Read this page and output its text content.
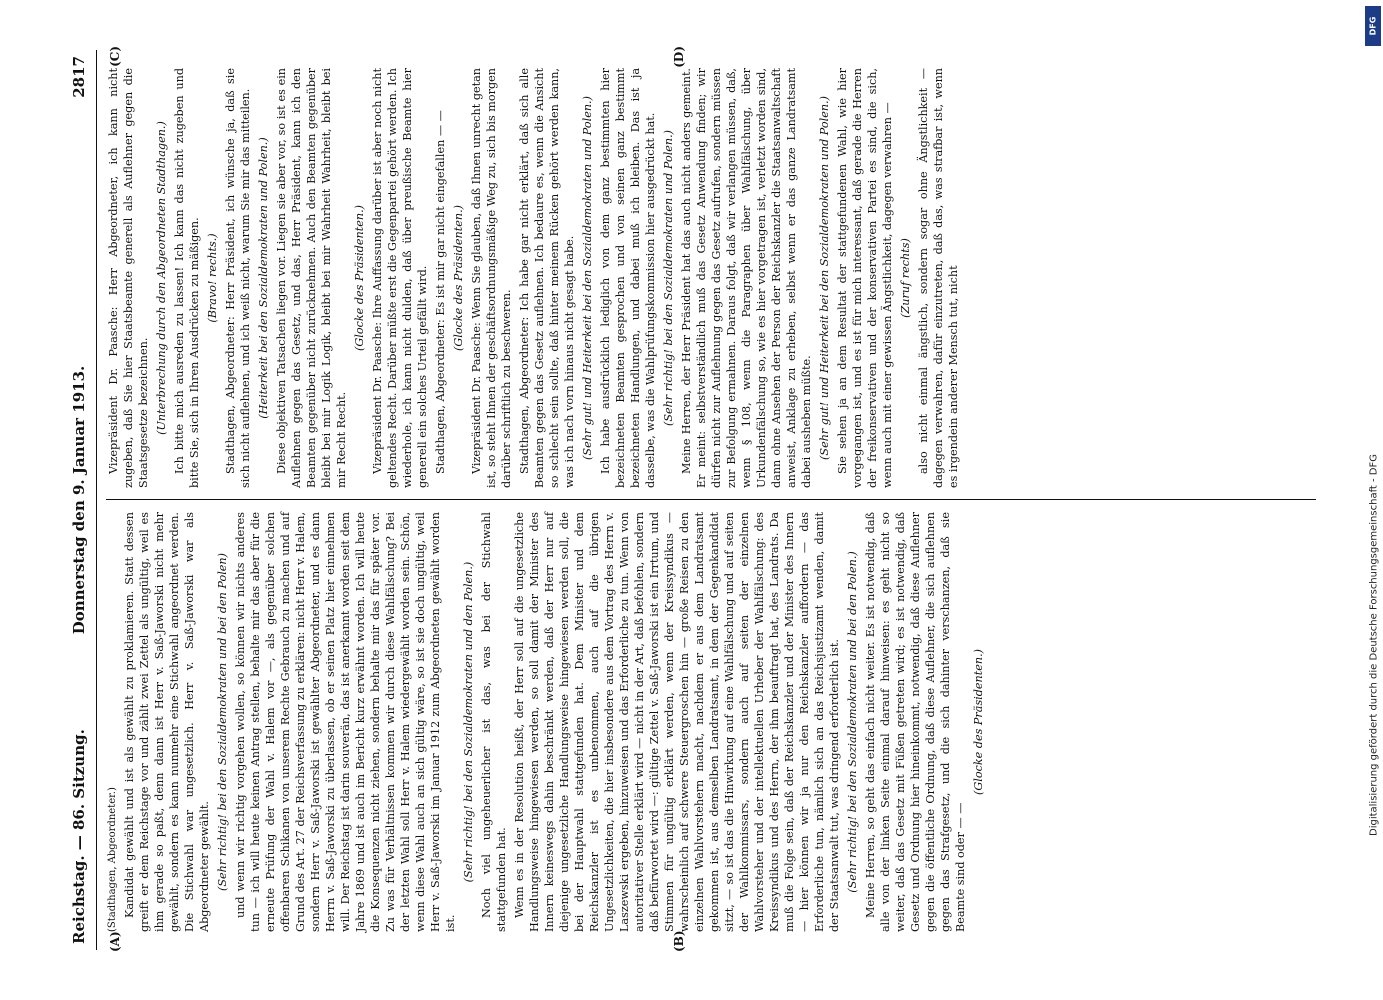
Reichstag. — 86. Sitzung.
Donnerstag den 9. Januar 1913.
2817
(A)	(B)
(C)	(D)

(Stadthagen, Abgeordneter.) Kandidat gewählt und ist als gewählt zu proklamieren. Statt dessen greift er dem Reichstage vor und zählt zwei Zettel als ungültig, weil es ihm gerade so paßt, denn dann ist Herr v. Saß-Jaworski nicht mehr gewählt, sondern es kann nunmehr eine Stichwahl angeordnet werden. Die Stichwahl war ungesetzlich. Herr v. Saß-Jaworski war als Abgeordneter gewählt. (Sehr richtig! bei den Sozialdemokraten und bei den Polen) und wenn wir richtig vorgehen wollen, so können wir nichts anderes tun — ich will heute keinen Antrag stellen, behalte mir das aber für die erneute Prüfung der Wahl v. Halem vor —, als gegenüber solchen offenbaren Schikanen von unserem Rechte Gebrauch zu machen und auf Grund des Art. 27 der Reichsverfassung zu erklären: nicht Herr v. Halem, sondern Herr v. Saß-Jaworski ist gewählter Abgeordneter, und es dann Herrn v. Saß-Jaworski zu überlassen, ob er seinen Platz hier einnehmen will. Der Reichstag ist darin souverän, das ist anerkannt worden seit dem Jahre 1869 und ist auch im Bericht kurz erwähnt worden. Ich will heute die Konsequenzen nicht ziehen, sondern behalte mir das für später vor. Zu was für Verhältnissen kommen wir durch diese Wahlfälschung? Bei der letzten Wahl soll Herr v. Halem wiedergewählt worden sein. Schön, wenn diese Wahl auch an sich gültig wäre, so ist sie doch ungültig, weil Herr v. Saß-Jaworski im Januar 1912 zum Abgeordneten gewählt worden ist.

(Sehr richtig! bei den Sozialdemokraten und den Polen.) Noch viel ungeheuerlicher ist das, was bei der Stichwahl stattgefunden hat. Wenn es in der Resolution heißt, der Herr soll auf die ungesetzliche Handlungsweise hingewiesen werden, so soll damit der Minister des Innern keineswegs dahin beschränkt werden, daß der Herr nur auf diejenige ungesetzliche Handlungsweise hingewiesen werden soll, die bei der Hauptwahl stattgefunden hat. Dem Minister und dem Reichskanzler ist es unbenommen, auch auf die übrigen Ungesetzlichkeiten, die hier insbesondere aus dem Vortrag des Herrn v. Laszewski ergeben, hinzuweisen und das Erforderliche zu tun. Wenn von autoritativer Stelle erklärt wird — nicht in der Art, daß befohlen, sondern daß befürwortet wird —: gültige Zettel v. Saß-Jaworski ist ein Irrtum, und Stimmen für ungültig erklärt werden, wenn der Kreissyndikus — wahrscheinlich auf schwere Steuergroschen hin — große Reisen zu den einzelnen Wahlvorstehern macht, nachdem er aus dem Landratsamt gekommen ist, aus demselben Landratsamt, in dem der Gegenkandidat sitzt, — so ist das die Hinwirkung auf eine Wahlfälschung und auf seiten der Wahlkommissars, sondern auch auf seiten der einzelnen Wahlvorsteher und der intellektuellen Urheber der Wahlfälschung: des Kreissyndikus und des Herrn, der ihm beauftragt hat, des Landrats. Da muß die Folge sein, daß der Reichskanzler und der Minister des Innern — hier können wir ja nur den Reichskanzler auffordern — das Erforderliche tun, nämlich sich an das Reichsjustizamt wenden, damit der Staatsanwalt tut, was dringend erforderlich ist. (Sehr richtig! bei den Sozialdemokraten und bei den Polen.) Meine Herren, so geht das einfach nicht weiter. Es ist notwendig, daß alle von der linken Seite einmal darauf hinweisen: es geht nicht so weiter, daß das Gesetz mit Füßen getreten wird; es ist notwendig, daß Gesetz und Ordnung hier hineinkommt, notwendig, daß diese Auflehner gegen die öffentliche Ordnung, daß diese Auflehner, die sich auflehnen gegen das Strafgesetz, und die sich dahinter verschanzen, daß sie Beamte sind oder — —

(Glocke des Präsidenten.)

Vizepräsident Dr. Paasche: Herr Abgeordneter, ich kann nicht zugeben, daß Sie hier Staatsbeamte generell als Auflehner gegen die Staatsgesetze bezeichnen. (Unterbrechung durch den Abgeordneten Stadthagen.) Ich bitte mich ausreden zu lassen! Ich kann das nicht zugeben und bitte Sie, sich in Ihren Ausdrücken zu mäßigen. (Bravo! rechts.) Stadthagen, Abgeordneter: Herr Präsident, ich wünsche ja, daß sie sich nicht auflehnen, und ich weiß nicht, warum Sie mir das mitteilen. (Heiterkeit bei den Sozialdemokraten und Polen.) Diese objektiven Tatsachen liegen vor. Liegen sie aber vor, so ist es ein Auflehnen gegen das Gesetz, und das, Herr Präsident, kann ich den Beamten gegenüber nicht zurücknehmen. Auch den Beamten gegenüber bleibt bei mir Logik Logik, bleibt bei mir Wahrheit Wahrheit, bleibt bei mir Recht Recht.

(Glocke des Präsidenten.) Vizepräsident Dr. Paasche: Ihre Auffassung darüber ist aber noch nicht geltendes Recht. Darüber müßte erst die Gegenpartei gehört werden. Ich wiederhole, ich kann nicht dulden, daß über preußische Beamte hier generell ein solches Urteil gefällt wird. Stadthagen, Abgeordneter: Es ist mir gar nicht eingefallen — — (Glocke des Präsidenten.) Vizepräsident Dr. Paasche: Wenn Sie glauben, daß Ihnen unrecht getan ist, so steht Ihnen der geschäftsordnungsmäßige Weg zu, sich bis morgen darüber schriftlich zu beschweren. Stadthagen, Abgeordneter: Ich habe gar nicht erklärt, daß sich alle Beamten gegen das Gesetz auflehnen. Ich bedaure es, wenn die Ansicht so schlecht sein sollte, daß hinter meinem Rücken gehört werden kann, was ich nach vorn hinaus nicht gesagt habe. (Sehr gut! und Heiterkeit bei den Sozialdemokraten und Polen.) Ich habe ausdrücklich lediglich von dem ganz bestimmten hier bezeichneten Beamten gesprochen und von seinen ganz bestimmt bezeichneten Handlungen, und dabei muß ich bleiben. Das ist ja dasselbe, was die Wahlprüfungskommission hier ausgedrückt hat. (Sehr richtig! bei den Sozialdemokraten und Polen.) Meine Herren, der Herr Präsident hat das auch nicht anders gemeint. Er meint: selbstverständlich muß das Gesetz Anwendung finden; wir dürfen nicht zur Auflehnung gegen das Gesetz aufrufen, sondern müssen zur Befolgung ermahnen. Daraus folgt, daß wir verlangen müssen, daß, wenn § 108, wenn die Paragraphen über Wahlfälschung, über Urkundenfälschung so, wie es hier vorgetragen ist, verletzt worden sind, dann ohne Ansehen der Person der Reichskanzler die Staatsanwaltschaft anweist, Anklage zu erheben, selbst wenn er das ganze Landratsamt dabei ausheben müßte. (Sehr gut! und Heiterkeit bei den Sozialdemokraten und Polen.) Sie sehen ja an dem Resultat der stattgefundenen Wahl, wie hier vorgegangen ist, und es ist für mich interessant, daß gerade die Herren der freikonservativen und der konservativen Partei es sind, die sich, wenn auch mit einer gewissen Ängstlichkeit, dagegen verwahren — (Zuruf rechts) also nicht einmal ängstlich, sondern sogar ohne Ängstlichkeit — dagegen verwahren, dafür einzutreten, daß das, was strafbar ist, wenn es irgendein anderer Mensch tut, nicht

DFG
Digitalisierung gefördert durch die Deutsche Forschungsgemeinschaft - DFG
